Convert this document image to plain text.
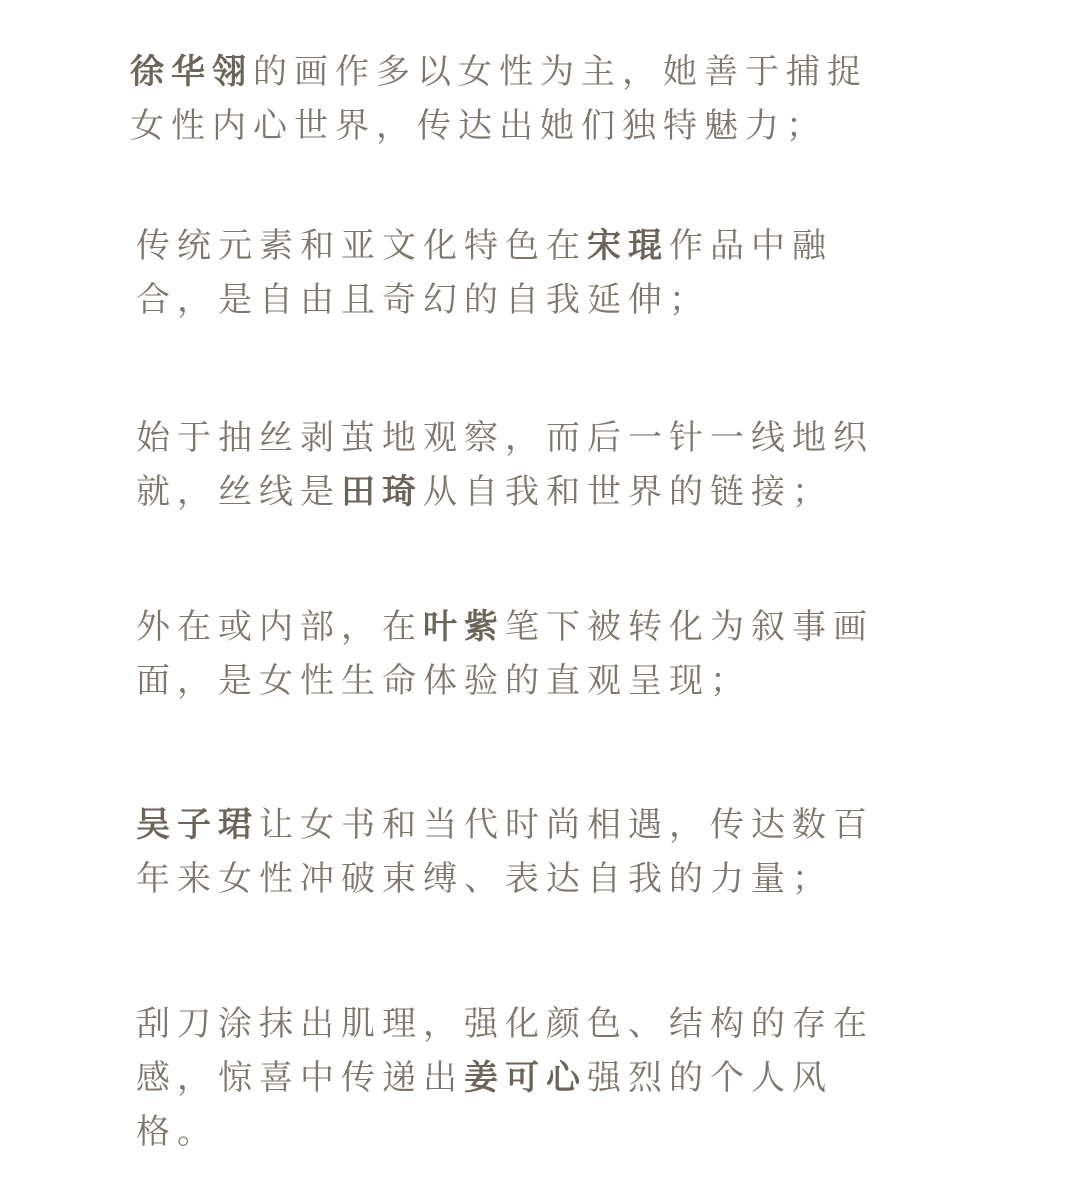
徐华翎的画作多以女性为主，她善于捕捉
女性内心世界，传达出她们独特魅力；

传统元素和亚文化特色在宋琨作品中融
合，是自由且奇幻的自我延伸；

始于抽丝剥茧地观察，而后一针一线地织
就，丝线是田琦从自我和世界的链接；

外在或内部，在叶紫笔下被转化为叙事画
面，是女性生命体验的直观呈现；

吴子珺让女书和当代时尚相遇，传达数百
年来女性冲破束缚、表达自我的力量；

刮刀涂抹出肌理，强化颜色、结构的存在
感，惊喜中传递出姜可心强烈的个人风
格。
